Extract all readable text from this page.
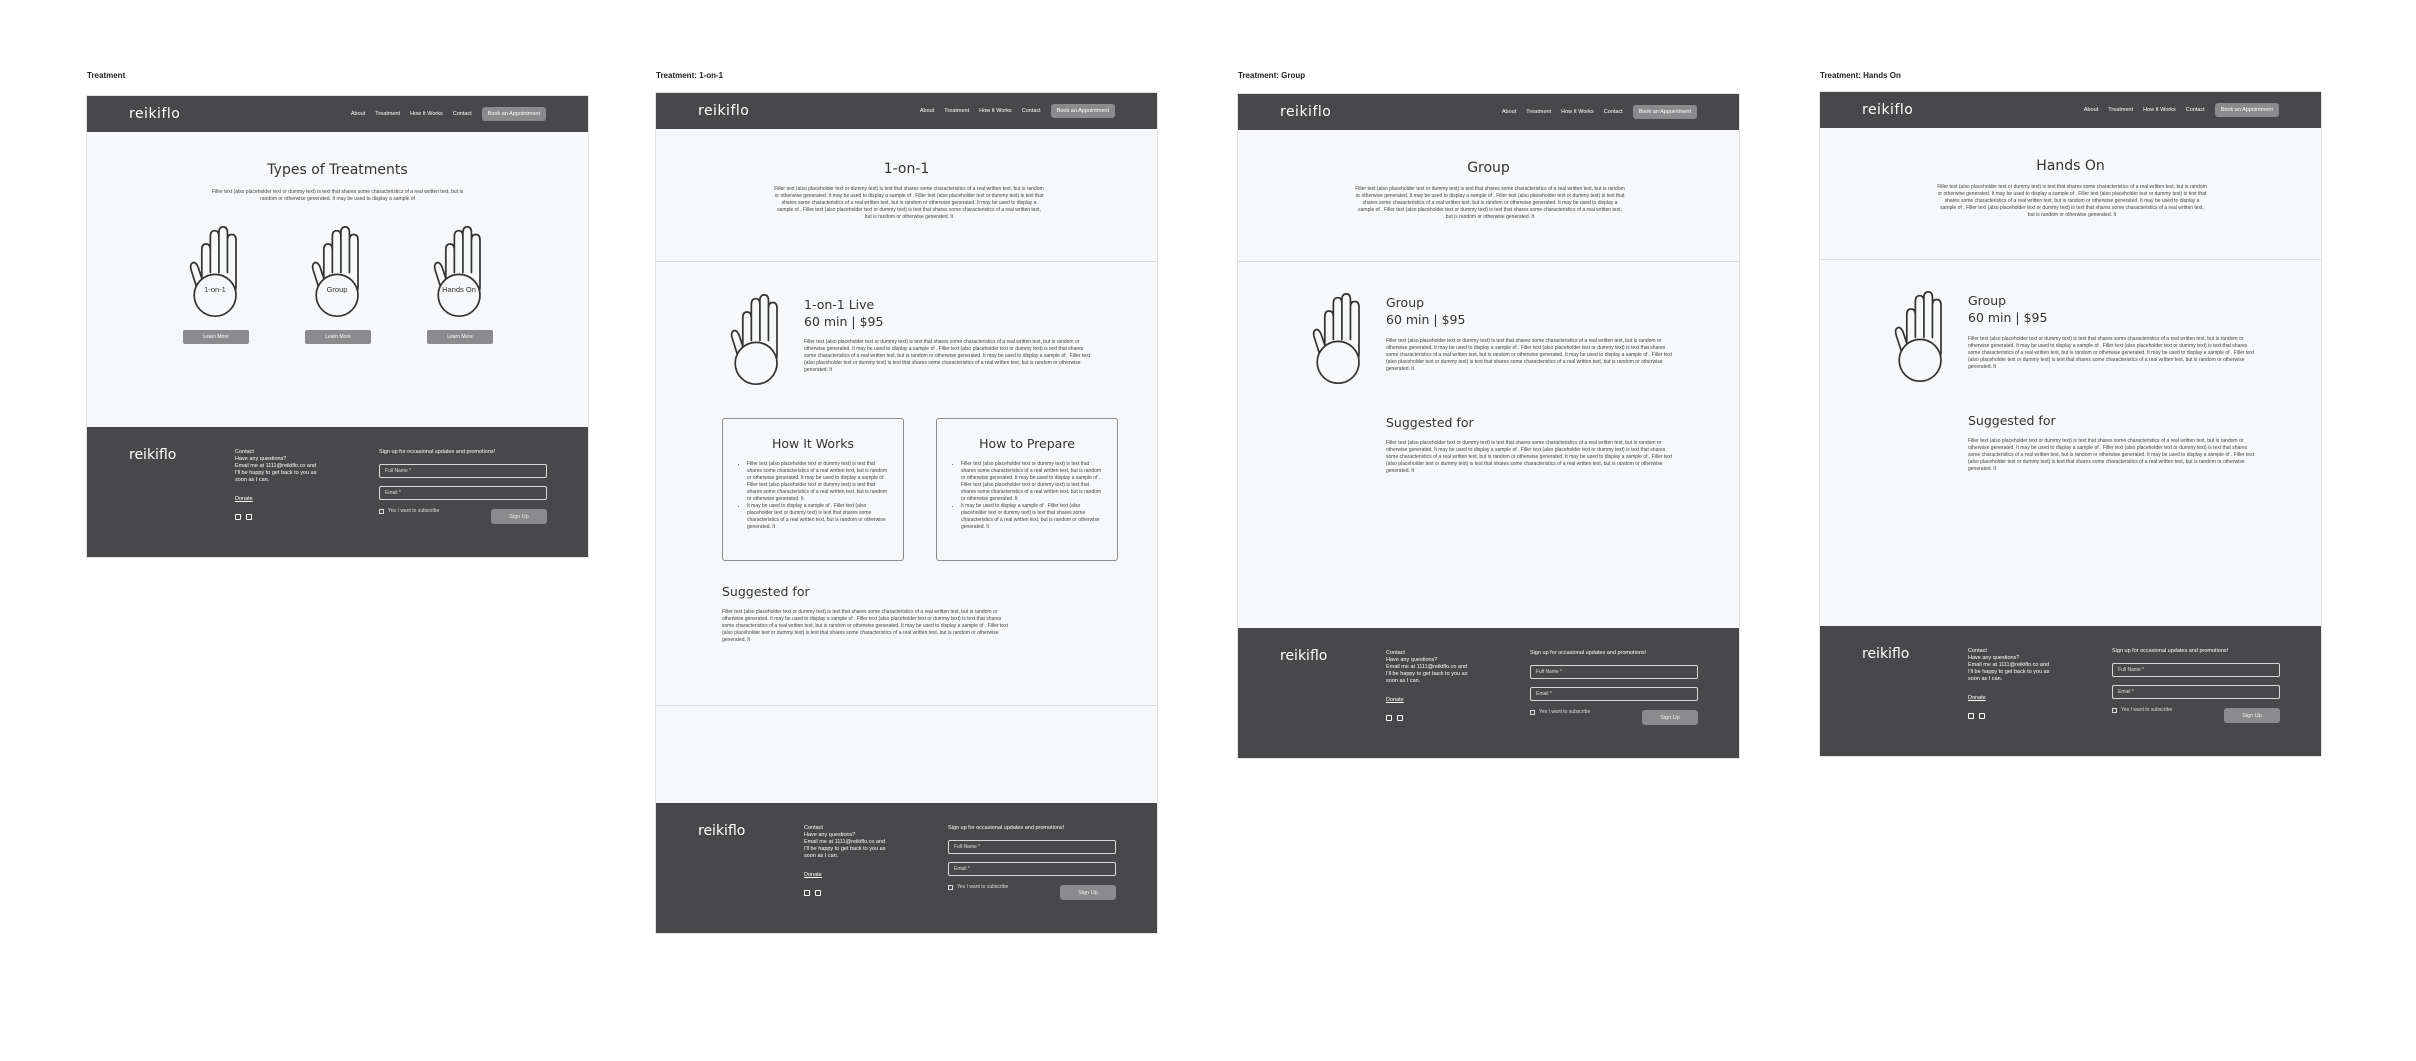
Treatment
reikiflo	About Treatment How It Works Contact	Book an Appointment
Types of Treatments
Filler text (also placeholder text or dummy text) is text that shares some characteristics of a real written text, but is random or otherwise generated. It may be used to display a sample of
1-on-1
Learn More
Group
Learn More
Hands On
Learn More
reikiflo	Contact
Have any questions?
Email me at 1111@reikiflo.co and
I'll be happy to get back to you as
soon as I can.
Donate
Sign up for occasional updates and promotions!
Full Name *
Email *
Yes I want to subscribe
Sign Up
Treatment: 1-on-1
reikiflo	About Treatment How It Works Contact	Book an Appointment
1-on-1
Filler text (also placeholder text or dummy text) is text that shares some characteristics of a real written text, but is random or otherwise generated. It may be used to display a sample of . Filler text (also placeholder text or dummy text) is text that shares some characteristics of a real written text, but is random or otherwise generated. It may be used to display a sample of . Filler text (also placeholder text or dummy text) is text that shares some characteristics of a real written text, but is random or otherwise generated. It
1-on-1 Live
60 min | $95
Filler text (also placeholder text or dummy text) is text that shares some characteristics of a real written text, but is random or otherwise generated. It may be used to display a sample of . Filler text (also placeholder text or dummy text) is text that shares some characteristics of a real written text, but is random or otherwise generated. It may be used to display a sample of . Filler text (also placeholder text or dummy text) is text that shares some characteristics of a real written text, but is random or otherwise generated. It
How It Works
• Filler text (also placeholder text or dummy text) is text that shares some characteristics of a real written text, but is random or otherwise generated. It may be used to display a sample of . Filler text (also placeholder text or dummy text) is text that shares some characteristics of a real written text, but is random or otherwise generated. It
• It may be used to display a sample of . Filler text (also placeholder text or dummy text) is text that shares some characteristics of a real written text, but is random or otherwise generated. It
How to Prepare
• Filler text (also placeholder text or dummy text) is text that shares some characteristics of a real written text, but is random or otherwise generated. It may be used to display a sample of . Filler text (also placeholder text or dummy text) is text that shares some characteristics of a real written text, but is random or otherwise generated. It
• It may be used to display a sample of . Filler text (also placeholder text or dummy text) is text that shares some characteristics of a real written text, but is random or otherwise generated. It
Suggested for
Filler text (also placeholder text or dummy text) is text that shares some characteristics of a real written text, but is random or otherwise generated. It may be used to display a sample of . Filler text (also placeholder text or dummy text) is text that shares some characteristics of a real written text, but is random or otherwise generated. It may be used to display a sample of . Filler text (also placeholder text or dummy text) is text that shares some characteristics of a real written text, but is random or otherwise generated. It
reikiflo	Contact
Have any questions?
Email me at 1111@reikiflo.co and
I'll be happy to get back to you as
soon as I can.
Donate
Sign up for occasional updates and promotions!
Full Name *
Email *
Yes I want to subscribe
Sign Up
Treatment: Group
reikiflo	About Treatment How It Works Contact	Book an Appointment
Group
Filler text (also placeholder text or dummy text) is text that shares some characteristics of a real written text, but is random or otherwise generated. It may be used to display a sample of . Filler text (also placeholder text or dummy text) is text that shares some characteristics of a real written text, but is random or otherwise generated. It may be used to display a sample of . Filler text (also placeholder text or dummy text) is text that shares some characteristics of a real written text, but is random or otherwise generated. It
Group
60 min | $95
Filler text (also placeholder text or dummy text) is text that shares some characteristics of a real written text, but is random or otherwise generated. It may be used to display a sample of . Filler text (also placeholder text or dummy text) is text that shares some characteristics of a real written text, but is random or otherwise generated. It may be used to display a sample of . Filler text (also placeholder text or dummy text) is text that shares some characteristics of a real written text, but is random or otherwise generated. It
Suggested for
Filler text (also placeholder text or dummy text) is text that shares some characteristics of a real written text, but is random or otherwise generated. It may be used to display a sample of . Filler text (also placeholder text or dummy text) is text that shares some characteristics of a real written text, but is random or otherwise generated. It may be used to display a sample of . Filler text (also placeholder text or dummy text) is text that shares some characteristics of a real written text, but is random or otherwise generated. It
reikiflo	Contact
Have any questions?
Email me at 1111@reikiflo.co and
I'll be happy to get back to you as
soon as I can.
Donate
Sign up for occasional updates and promotions!
Full Name *
Email *
Yes I want to subscribe
Sign Up
Treatment: Hands On
reikiflo	About Treatment How It Works Contact	Book an Appointment
Hands On
Filler text (also placeholder text or dummy text) is text that shares some characteristics of a real written text, but is random or otherwise generated. It may be used to display a sample of . Filler text (also placeholder text or dummy text) is text that shares some characteristics of a real written text, but is random or otherwise generated. It may be used to display a sample of . Filler text (also placeholder text or dummy text) is text that shares some characteristics of a real written text, but is random or otherwise generated. It
Group
60 min | $95
Filler text (also placeholder text or dummy text) is text that shares some characteristics of a real written text, but is random or otherwise generated. It may be used to display a sample of . Filler text (also placeholder text or dummy text) is text that shares some characteristics of a real written text, but is random or otherwise generated. It may be used to display a sample of . Filler text (also placeholder text or dummy text) is text that shares some characteristics of a real written text, but is random or otherwise generated. It
Suggested for
Filler text (also placeholder text or dummy text) is text that shares some characteristics of a real written text, but is random or otherwise generated. It may be used to display a sample of . Filler text (also placeholder text or dummy text) is text that shares some characteristics of a real written text, but is random or otherwise generated. It may be used to display a sample of . Filler text (also placeholder text or dummy text) is text that shares some characteristics of a real written text, but is random or otherwise generated. It
reikiflo	Contact
Have any questions?
Email me at 1111@reikiflo.co and
I'll be happy to get back to you as
soon as I can.
Donate
Sign up for occasional updates and promotions!
Full Name *
Email *
Yes I want to subscribe
Sign Up
